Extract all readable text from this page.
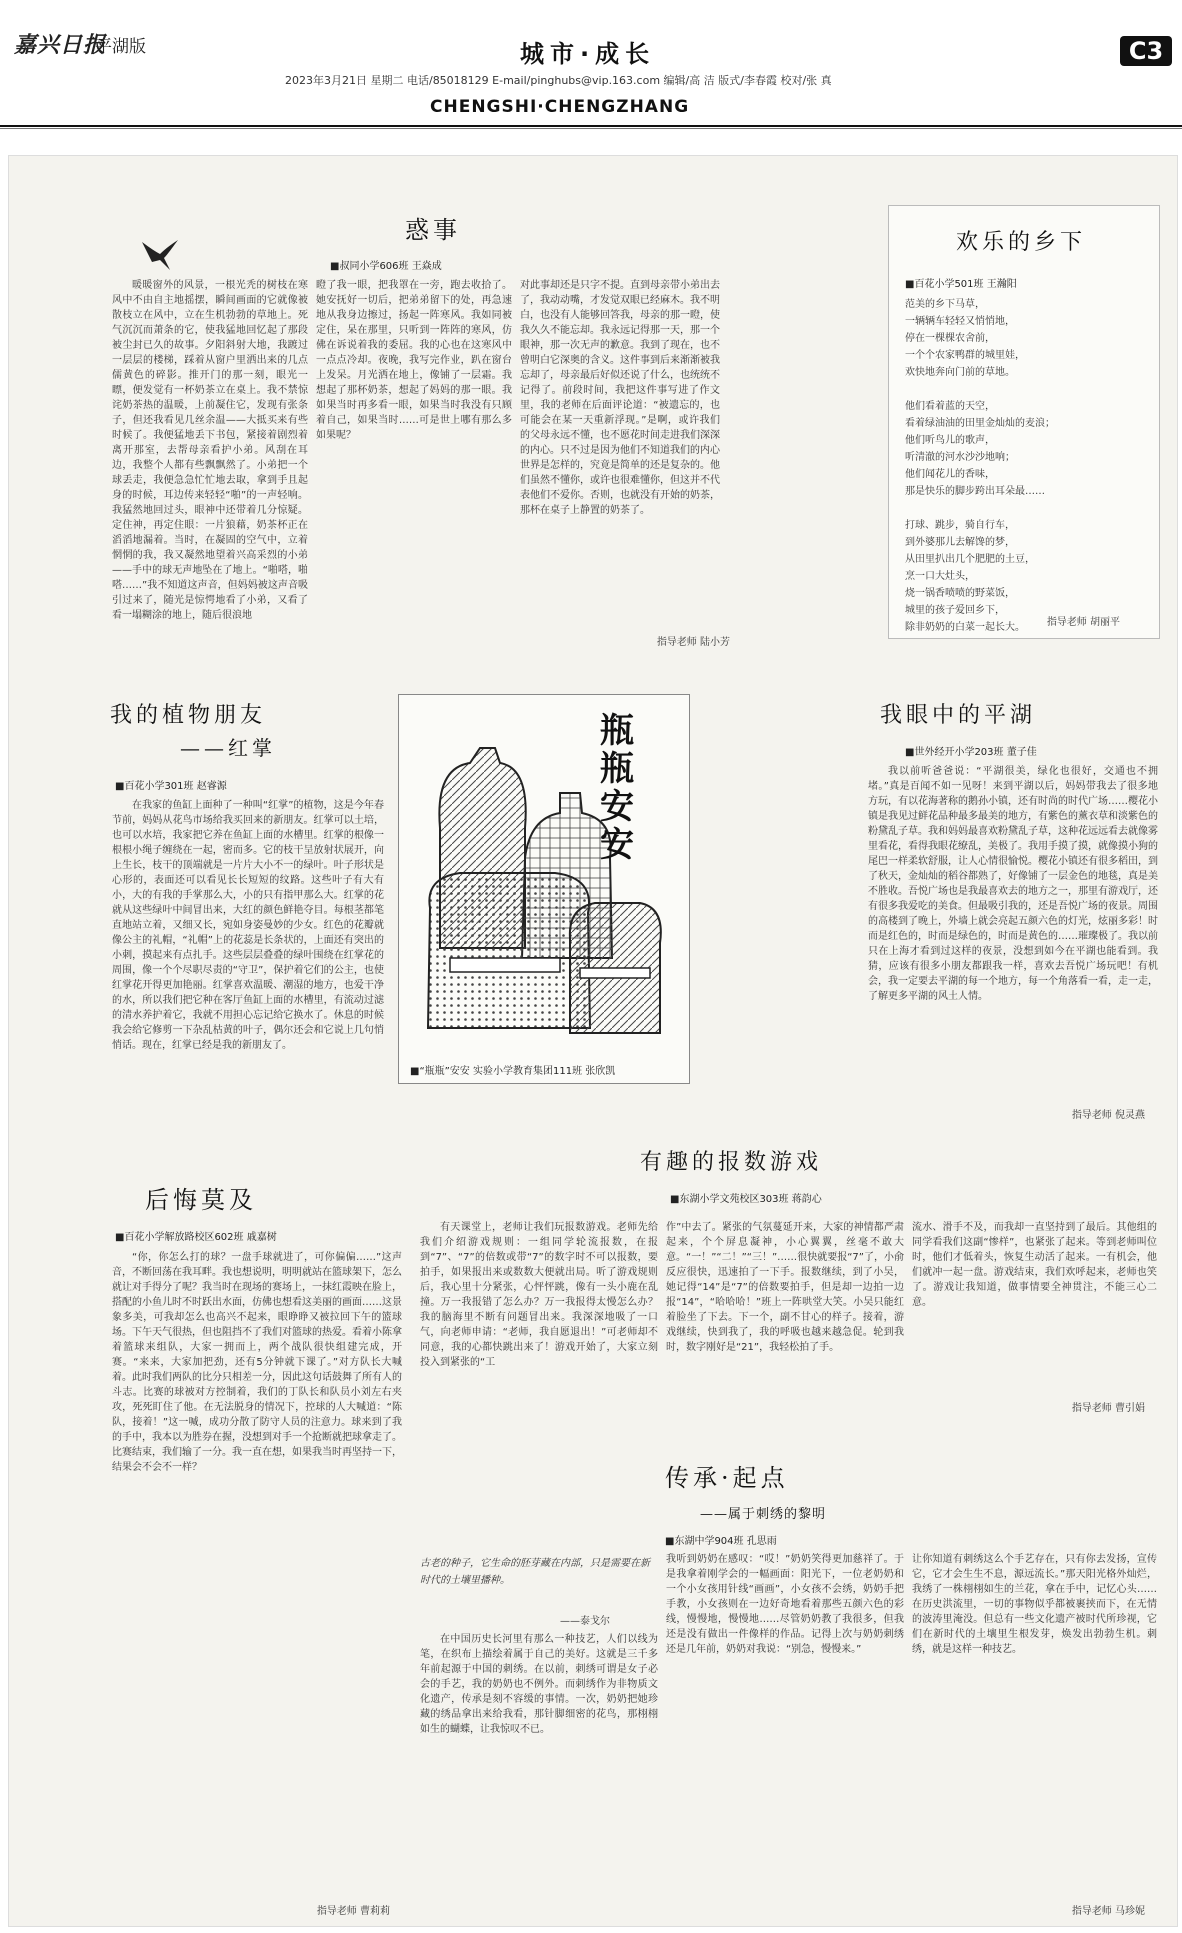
嘉兴日报
平湖版	城市·成长	C3
2023年3月21日 星期二 电话/85018129 E-mail/pinghubs@vip.163.com 编辑/高 洁 版式/李春霞 校对/张 真
CHENGSHI·CHENGZHANG
惑事
■叔同小学606班 王焱成
暖暖窗外的风景，一根光秃的树枝在寒风中不由自主地摇摆，瞬间画面的它就像被散枝立在风中，立在生机勃勃的草地上。死气沉沉而萧条的它，使我猛地回忆起了那段被尘封已久的故事。夕阳斜射大地，我踱过一层层的楼梯，踩着从窗户里洒出来的几点儒黄色的碎影。推开门的那一刻，眼光一瞟，便发觉有一杯奶茶立在桌上。我不禁惊诧奶茶热的温暖，上前凝住它，发现有张条子，但还我看见几丝余温——大抵买来有些时候了。我便猛地丢下书包，紧接着剧烈着离开那室，去帮母亲看护小弟。风刮在耳边，我整个人都有些飘飘然了。小弟把一个球丢走，我便急急忙忙地去取，拿到手且起身的时候，耳边传来轻轻“啪”的一声轻响。我猛然地回过头，眼神中还带着几分惊疑。定住神，再定住眼：一片狼藉，奶茶杯正在滔滔地漏着。当时，在凝固的空气中，立着惘惘的我，我又凝然地望着兴高采烈的小弟——手中的球无声地坠在了地上。“啪嗒，啪嗒……”我不知道这声音，但妈妈被这声音吸引过来了，随光是惊愕地看了小弟，又看了看一塌糊涂的地上，随后很浪地
瞪了我一眼，把我罩在一旁，跑去收拾了。她安抚好一切后，把弟弟留下的处，再急速地从我身边擦过，扬起一阵寒风。我如同被定住，呆在那里，只听到一阵阵的寒风，仿佛在诉说着我的委屈。我的心也在这寒风中一点点冷却。夜晚，我写完作业，趴在窗台上发呆。月光洒在地上，像铺了一层霜。我想起了那杯奶茶，想起了妈妈的那一眼。我如果当时再多看一眼，如果当时我没有只顾着自己，如果当时……可是世上哪有那么多如果呢？
对此事却还是只字不提。直到母亲带小弟出去了，我动动嘴，才发觉双眼已经麻木。我不明白，也没有人能够回答我，母亲的那一瞪，使我久久不能忘却。我永远记得那一天，那一个眼神，那一次无声的歉意。我到了现在，也不曾明白它深奥的含义。这件事到后来渐渐被我忘却了，母亲最后好似还说了什么，也统统不记得了。前段时间，我把这件事写进了作文里，我的老师在后面评论道：“被遗忘的，也可能会在某一天重新浮现。”是啊，或许我们的父母永远不懂，也不愿花时间走进我们深深的内心。只不过是因为他们不知道我们的内心世界是怎样的，究竟是简单的还是复杂的。他们虽然不懂你，或许也很难懂你，但这并不代表他们不爱你。否则，也就没有开始的奶茶，那杯在桌子上静置的奶茶了。
指导老师 陆小芳
欢乐的乡下
■百花小学501班 王瀚阳
范美的乡下马草，
一辆辆车轻轻又悄悄地，
停在一棵棵农舍前，
一个个农家鸭群的城里娃，
欢快地奔向门前的草地。

他们看着蓝的天空，
看着绿油油的田里金灿灿的麦浪；
他们听鸟儿的歌声，
听清澈的河水沙沙地响；
他们闻花儿的香味，
那是快乐的脚步跨出耳朵最……

打球、跳步，骑自行车，
到外婆那儿去解馋的梦，
从田里扒出几个肥肥的土豆，
烹一口大灶头，
烧一锅香喷喷的野菜饭，
城里的孩子爱回乡下，
除非奶奶的白菜一起长大。	指导老师 胡丽平
我的植物朋友
——红掌
■百花小学301班 赵睿源
在我家的鱼缸上面种了一种叫“红掌”的植物，这是今年春节前，妈妈从花鸟市场给我买回来的新朋友。红掌可以土培，也可以水培，我家把它养在鱼缸上面的水槽里。红掌的根像一根根小绳子缠绕在一起，密而多。它的枝干呈放射状展开，向上生长，枝干的顶端就是一片片大小不一的绿叶。叶子形状是心形的，表面还可以看见长长短短的纹路。这些叶子有大有小，大的有我的手掌那么大，小的只有指甲那么大。红掌的花就从这些绿叶中间冒出来，大红的颜色鲜艳夺目。每根茎都笔直地站立着，又细又长，宛如身姿曼妙的少女。红色的花瓣就像公主的礼帽，“礼帽”上的花蕊是长条状的，上面还有突出的小刺，摸起来有点扎手。这些层层叠叠的绿叶围绕在红掌花的周围，像一个个尽职尽责的“守卫”，保护着它们的公主，也使红掌花开得更加艳丽。红掌喜欢温暖、潮湿的地方，也爱干净的水，所以我们把它种在客厅鱼缸上面的水槽里，有流动过滤的清水养护着它，我就不用担心忘记给它换水了。休息的时候我会给它修剪一下杂乱枯黄的叶子，偶尔还会和它说上几句悄悄话。现在，红掌已经是我的新朋友了。
瓶瓶安安
■“瓶瓶”安安 实验小学教育集团111班 张欣凯
我眼中的平湖
■世外经开小学203班 董子佳
我以前听爸爸说：“平湖很美，绿化也很好，交通也不拥堵。”真是百闻不如一见呀！来到平湖以后，妈妈带我去了很多地方玩，有以花海著称的鹅孙小镇，还有时尚的时代广场……樱花小镇是我见过鲜花品种最多最美的地方，有紫色的薰衣草和淡紫色的粉黛乱子草。我和妈妈最喜欢粉黛乱子草，这种花远远看去就像雾里看花，看得我眼花缭乱，美极了。我用手摸了摸，就像摸小狗的尾巴一样柔软舒服，让人心情很愉悦。樱花小镇还有很多稻田，到了秋天，金灿灿的稻谷都熟了，好像铺了一层金色的地毯，真是美不胜收。吾悦广场也是我最喜欢去的地方之一，那里有游戏厅，还有很多我爱吃的美食。但最吸引我的，还是吾悦广场的夜景。周围的高楼到了晚上，外墙上就会亮起五颜六色的灯光，炫丽多彩！时而是红色的，时而是绿色的，时而是黄色的……璀璨极了。我以前只在上海才看到过这样的夜景，没想到如今在平湖也能看到。我猜，应该有很多小朋友都跟我一样，喜欢去吾悦广场玩吧！有机会，我一定要去平湖的每一个地方，每一个角落看一看，走一走，了解更多平湖的风土人情。
指导老师 倪灵燕
有趣的报数游戏
■东湖小学文苑校区303班 蒋韵心
有天课堂上，老师让我们玩报数游戏。老师先给我们介绍游戏规则：一组同学轮流报数，在报到“7”、“7”的倍数或带“7”的数字时不可以报数，要拍手，如果报出来或数数大便就出局。听了游戏规则后，我心里十分紧张，心怦怦跳，像有一头小鹿在乱撞。万一我报错了怎么办？万一我报得太慢怎么办？我的脑海里不断有问题冒出来。我深深地吸了一口气，向老师申请：“老师，我自愿退出！”可老师却不同意，我的心都快跳出来了！游戏开始了，大家立刻投入到紧张的“工
作”中去了。紧张的气氛蔓延开来，大家的神情都严肃起来，个个屏息凝神，小心翼翼，丝毫不敢大意。“一！”“二！”“三！”……很快就要报“7”了，小俞反应很快，迅速拍了一下手。报数继续，到了小吴，她记得“14”是“7”的倍数要拍手，但是却一边拍一边报“14”，“哈哈哈！”班上一阵哄堂大笑。小吴只能红着脸坐了下去。下一个，副不甘心的样子。接着，游戏继续，快到我了，我的呼吸也越来越急促。轮到我时，数字刚好是“21”，我轻松拍了手。
流水、滑手不及，而我却一直坚持到了最后。其他组的同学看我们这副“惨样”，也紧张了起来。等到老师叫位时，他们才低着头，恢复生动活了起来。一有机会，他们就冲一起一盘。游戏结束，我们欢呼起来，老师也笑了。游戏让我知道，做事情要全神贯注，不能三心二意。
指导老师 曹引娟
后悔莫及
■百花小学解放路校区602班 戚嘉树
“你，你怎么打的球？一盘手球就进了，可你偏偏……”这声音，不断回荡在我耳畔。我也想说明，明明就站在篮球架下，怎么就让对手得分了呢？我当时在现场的赛场上，一抹红霞映在脸上，搭配的小鱼儿时不时跃出水面，仿佛也想看这美丽的画面……这景象多美，可我却怎么也高兴不起来，眼睁睁又被拉回下午的篮球场。下午天气很热，但也阻挡不了我们对篮球的热爱。看着小陈拿着篮球来组队，大家一拥而上，两个战队很快组建完成，开赛。“来来，大家加把劲，还有5分钟就下课了。”对方队长大喊着。此时我们两队的比分只相差一分，因此这句话鼓舞了所有人的斗志。比赛的球被对方控制着，我们的丁队长和队员小刘左右夹攻，死死盯住了他。在无法脱身的情况下，控球的人大喊道：“陈队，接着！”这一喊，成功分散了防守人员的注意力。球来到了我的手中，我本以为胜券在握，没想到对手一个抢断就把球拿走了。比赛结束，我们输了一分。我一直在想，如果我当时再坚持一下，结果会不会不一样？
指导老师 曹莉莉
传承·起点
——属于刺绣的黎明
■东湖中学904班 孔思雨
古老的种子，它生命的胚芽藏在内部，只是需要在新时代的土壤里播种。
——泰戈尔
在中国历史长河里有那么一种技艺，人们以线为笔，在织布上描绘着属于自己的美好。这就是三千多年前起源于中国的刺绣。在以前，刺绣可谓是女子必会的手艺，我的奶奶也不例外。而刺绣作为非物质文化遗产，传承是刻不容缓的事情。一次，奶奶把她珍藏的绣品拿出来给我看，那针脚细密的花鸟，那栩栩如生的蝴蝶，让我惊叹不已。
我听到奶奶在感叹：“哎！”奶奶笑得更加慈祥了。于是我拿着刚学会的一幅画面：阳光下，一位老奶奶和一个小女孩用针线“画画”，小女孩不会绣，奶奶手把手教，小女孩则在一边好奇地看着那些五颜六色的彩线，慢慢地，慢慢地……尽管奶奶教了我很多，但我还是没有做出一件像样的作品。记得上次与奶奶刺绣还是几年前，奶奶对我说：“别急，慢慢来。”
让你知道有刺绣这么个手艺存在，只有你去发扬，宣传它，它才会生生不息，源远流长。”那天阳光格外灿烂，我绣了一株栩栩如生的兰花，拿在手中，记忆心头……在历史洪流里，一切的事物似乎都被裹挟而下，在无情的波涛里淹没。但总有一些文化遗产被时代所珍视，它们在新时代的土壤里生根发芽，焕发出勃勃生机。刺绣，就是这样一种技艺。
指导老师 马珍妮
